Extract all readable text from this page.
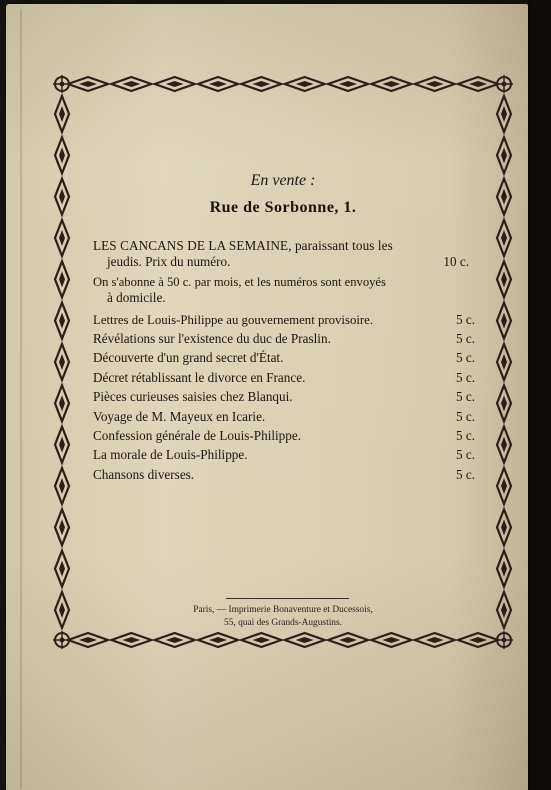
En vente :
Rue de Sorbonne, 1.
LES CANCANS DE LA SEMAINE, paraissant tous les
jeudis. Prix du numéro.	10 c.
On s'abonne à 50 c. par mois, et les numéros sont envoyés
à domicile.
Lettres de Louis-Philippe au gouvernement provisoire.	5 c.
Révélations sur l'existence du duc de Praslin.	5 c.
Découverte d'un grand secret d'État.	5 c.
Décret rétablissant le divorce en France.	5 c.
Pièces curieuses saisies chez Blanqui.	5 c.
Voyage de M. Mayeux en Icarie.	5 c.
Confession générale de Louis-Philippe.	5 c.
La morale de Louis-Philippe.	5 c.
Chansons diverses.	5 c.
Paris, — Imprimerie Bonaventure et Ducessois,
55, quai des Grands-Augustins.
